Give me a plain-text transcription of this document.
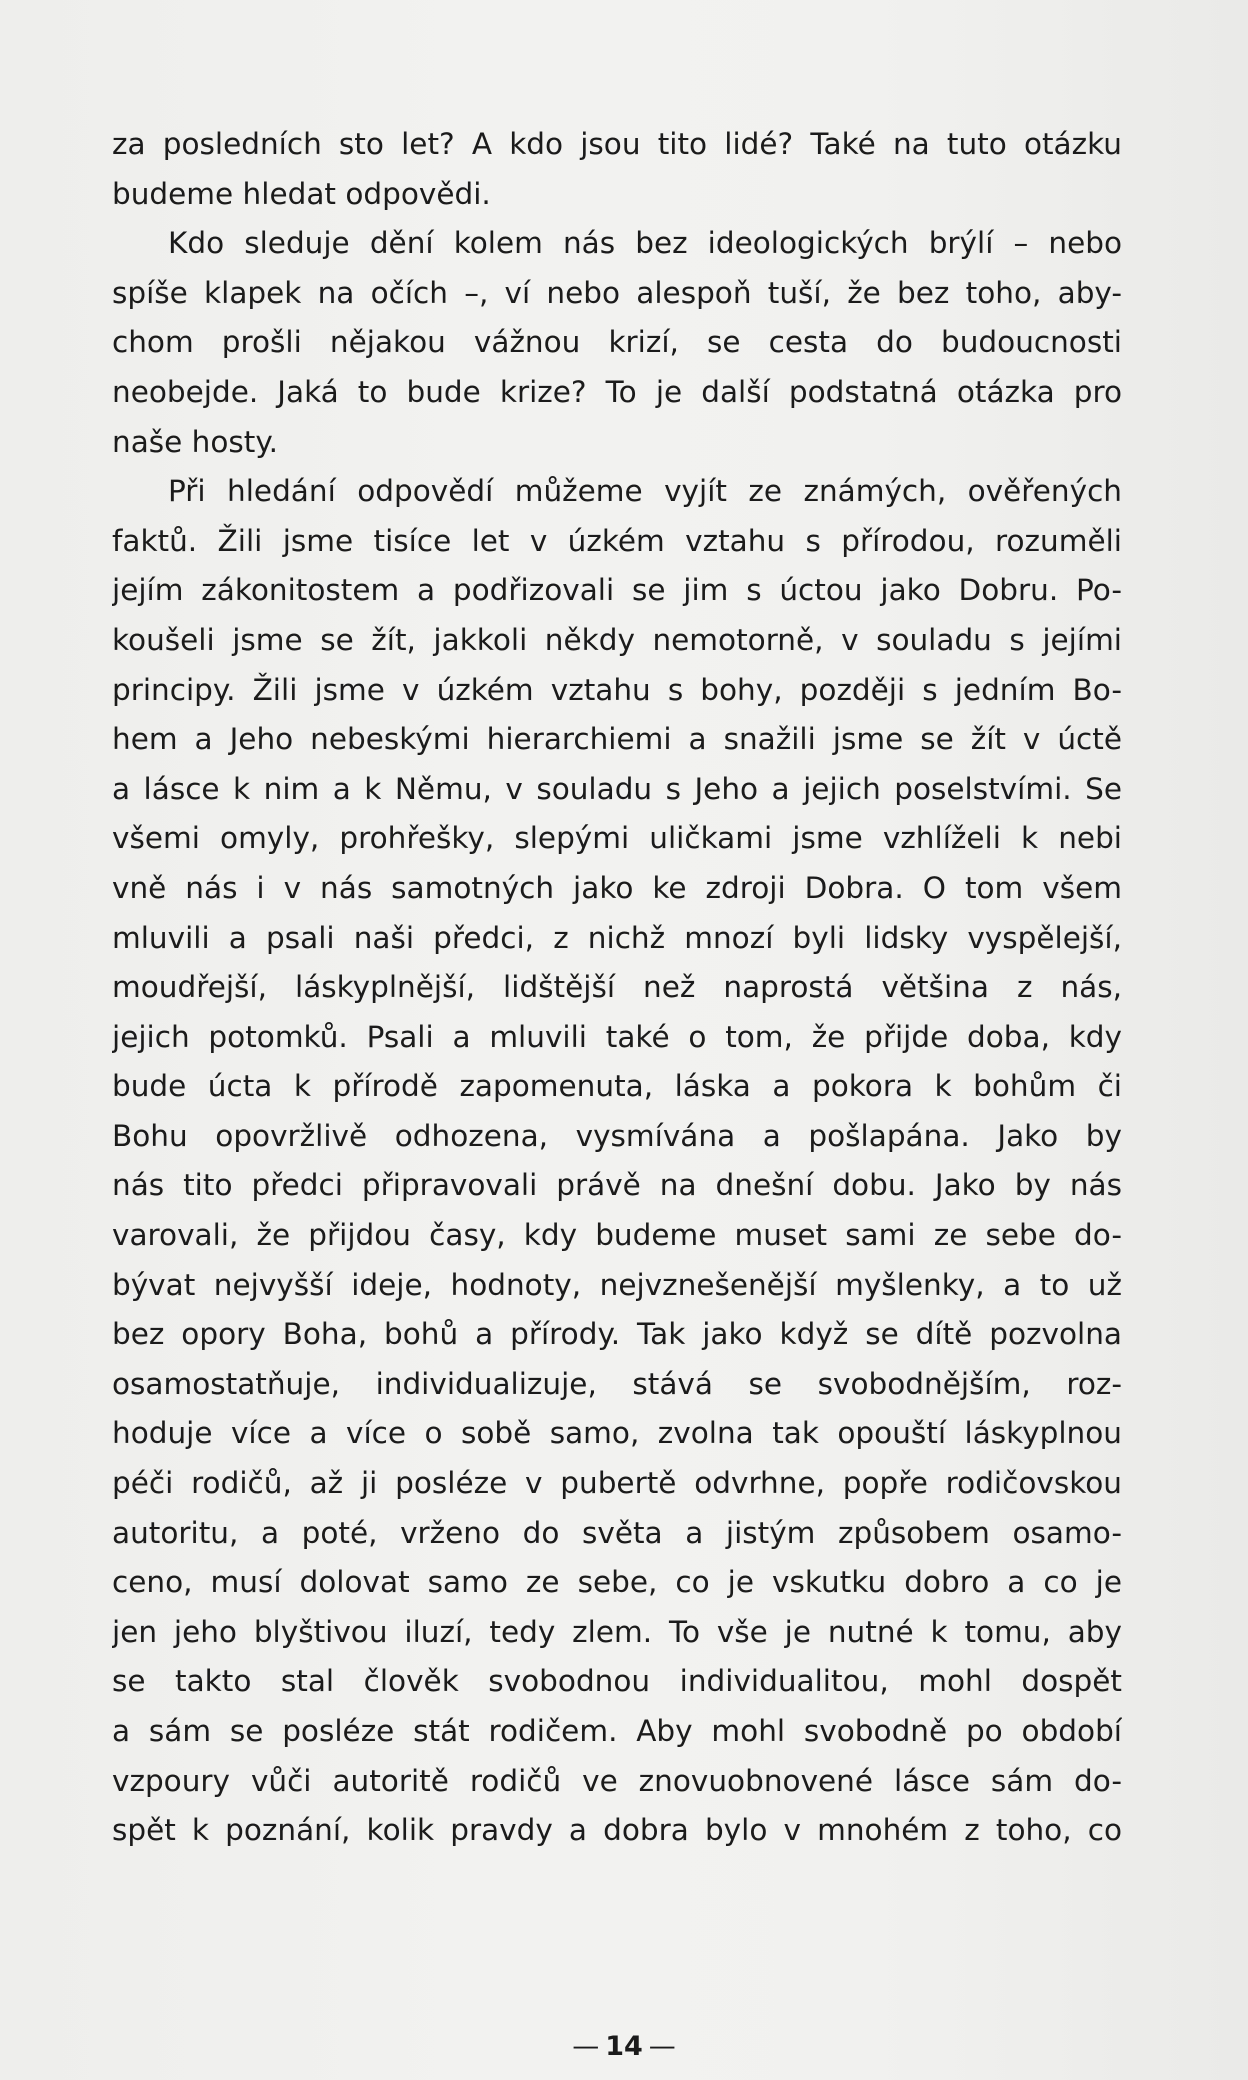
za posledních sto let? A kdo jsou tito lidé? Také na tuto otázku
budeme hledat odpovědi.
Kdo sleduje dění kolem nás bez ideologických brýlí – nebo
spíše klapek na očích –, ví nebo alespoň tuší, že bez toho, aby-
chom prošli nějakou vážnou krizí, se cesta do budoucnosti
neobejde. Jaká to bude krize? To je další podstatná otázka pro
naše hosty.
Při hledání odpovědí můžeme vyjít ze známých, ověřených
faktů. Žili jsme tisíce let v úzkém vztahu s přírodou, rozuměli
jejím zákonitostem a podřizovali se jim s úctou jako Dobru. Po-
koušeli jsme se žít, jakkoli někdy nemotorně, v souladu s jejími
principy. Žili jsme v úzkém vztahu s bohy, později s jedním Bo-
hem a Jeho nebeskými hierarchiemi a snažili jsme se žít v úctě
a lásce k nim a k Němu, v souladu s Jeho a jejich poselstvími. Se
všemi omyly, prohřešky, slepými uličkami jsme vzhlíželi k nebi
vně nás i v nás samotných jako ke zdroji Dobra. O tom všem
mluvili a psali naši předci, z nichž mnozí byli lidsky vyspělejší,
moudřejší, láskyplnější, lidštější než naprostá většina z nás,
jejich potomků. Psali a mluvili také o tom, že přijde doba, kdy
bude úcta k přírodě zapomenuta, láska a pokora k bohům či
Bohu opovržlivě odhozena, vysmívána a pošlapána. Jako by
nás tito předci připravovali právě na dnešní dobu. Jako by nás
varovali, že přijdou časy, kdy budeme muset sami ze sebe do-
bývat nejvyšší ideje, hodnoty, nejvznešenější myšlenky, a to už
bez opory Boha, bohů a přírody. Tak jako když se dítě pozvolna
osamostatňuje, individualizuje, stává se svobodnějším, roz-
hoduje více a více o sobě samo, zvolna tak opouští láskyplnou
péči rodičů, až ji posléze v pubertě odvrhne, popře rodičovskou
autoritu, a poté, vrženo do světa a jistým způsobem osamo-
ceno, musí dolovat samo ze sebe, co je vskutku dobro a co je
jen jeho blyštivou iluzí, tedy zlem. To vše je nutné k tomu, aby
se takto stal člověk svobodnou individualitou, mohl dospět
a sám se posléze stát rodičem. Aby mohl svobodně po období
vzpoury vůči autoritě rodičů ve znovuobnovené lásce sám do-
spět k poznání, kolik pravdy a dobra bylo v mnohém z toho, co
— 14 —
